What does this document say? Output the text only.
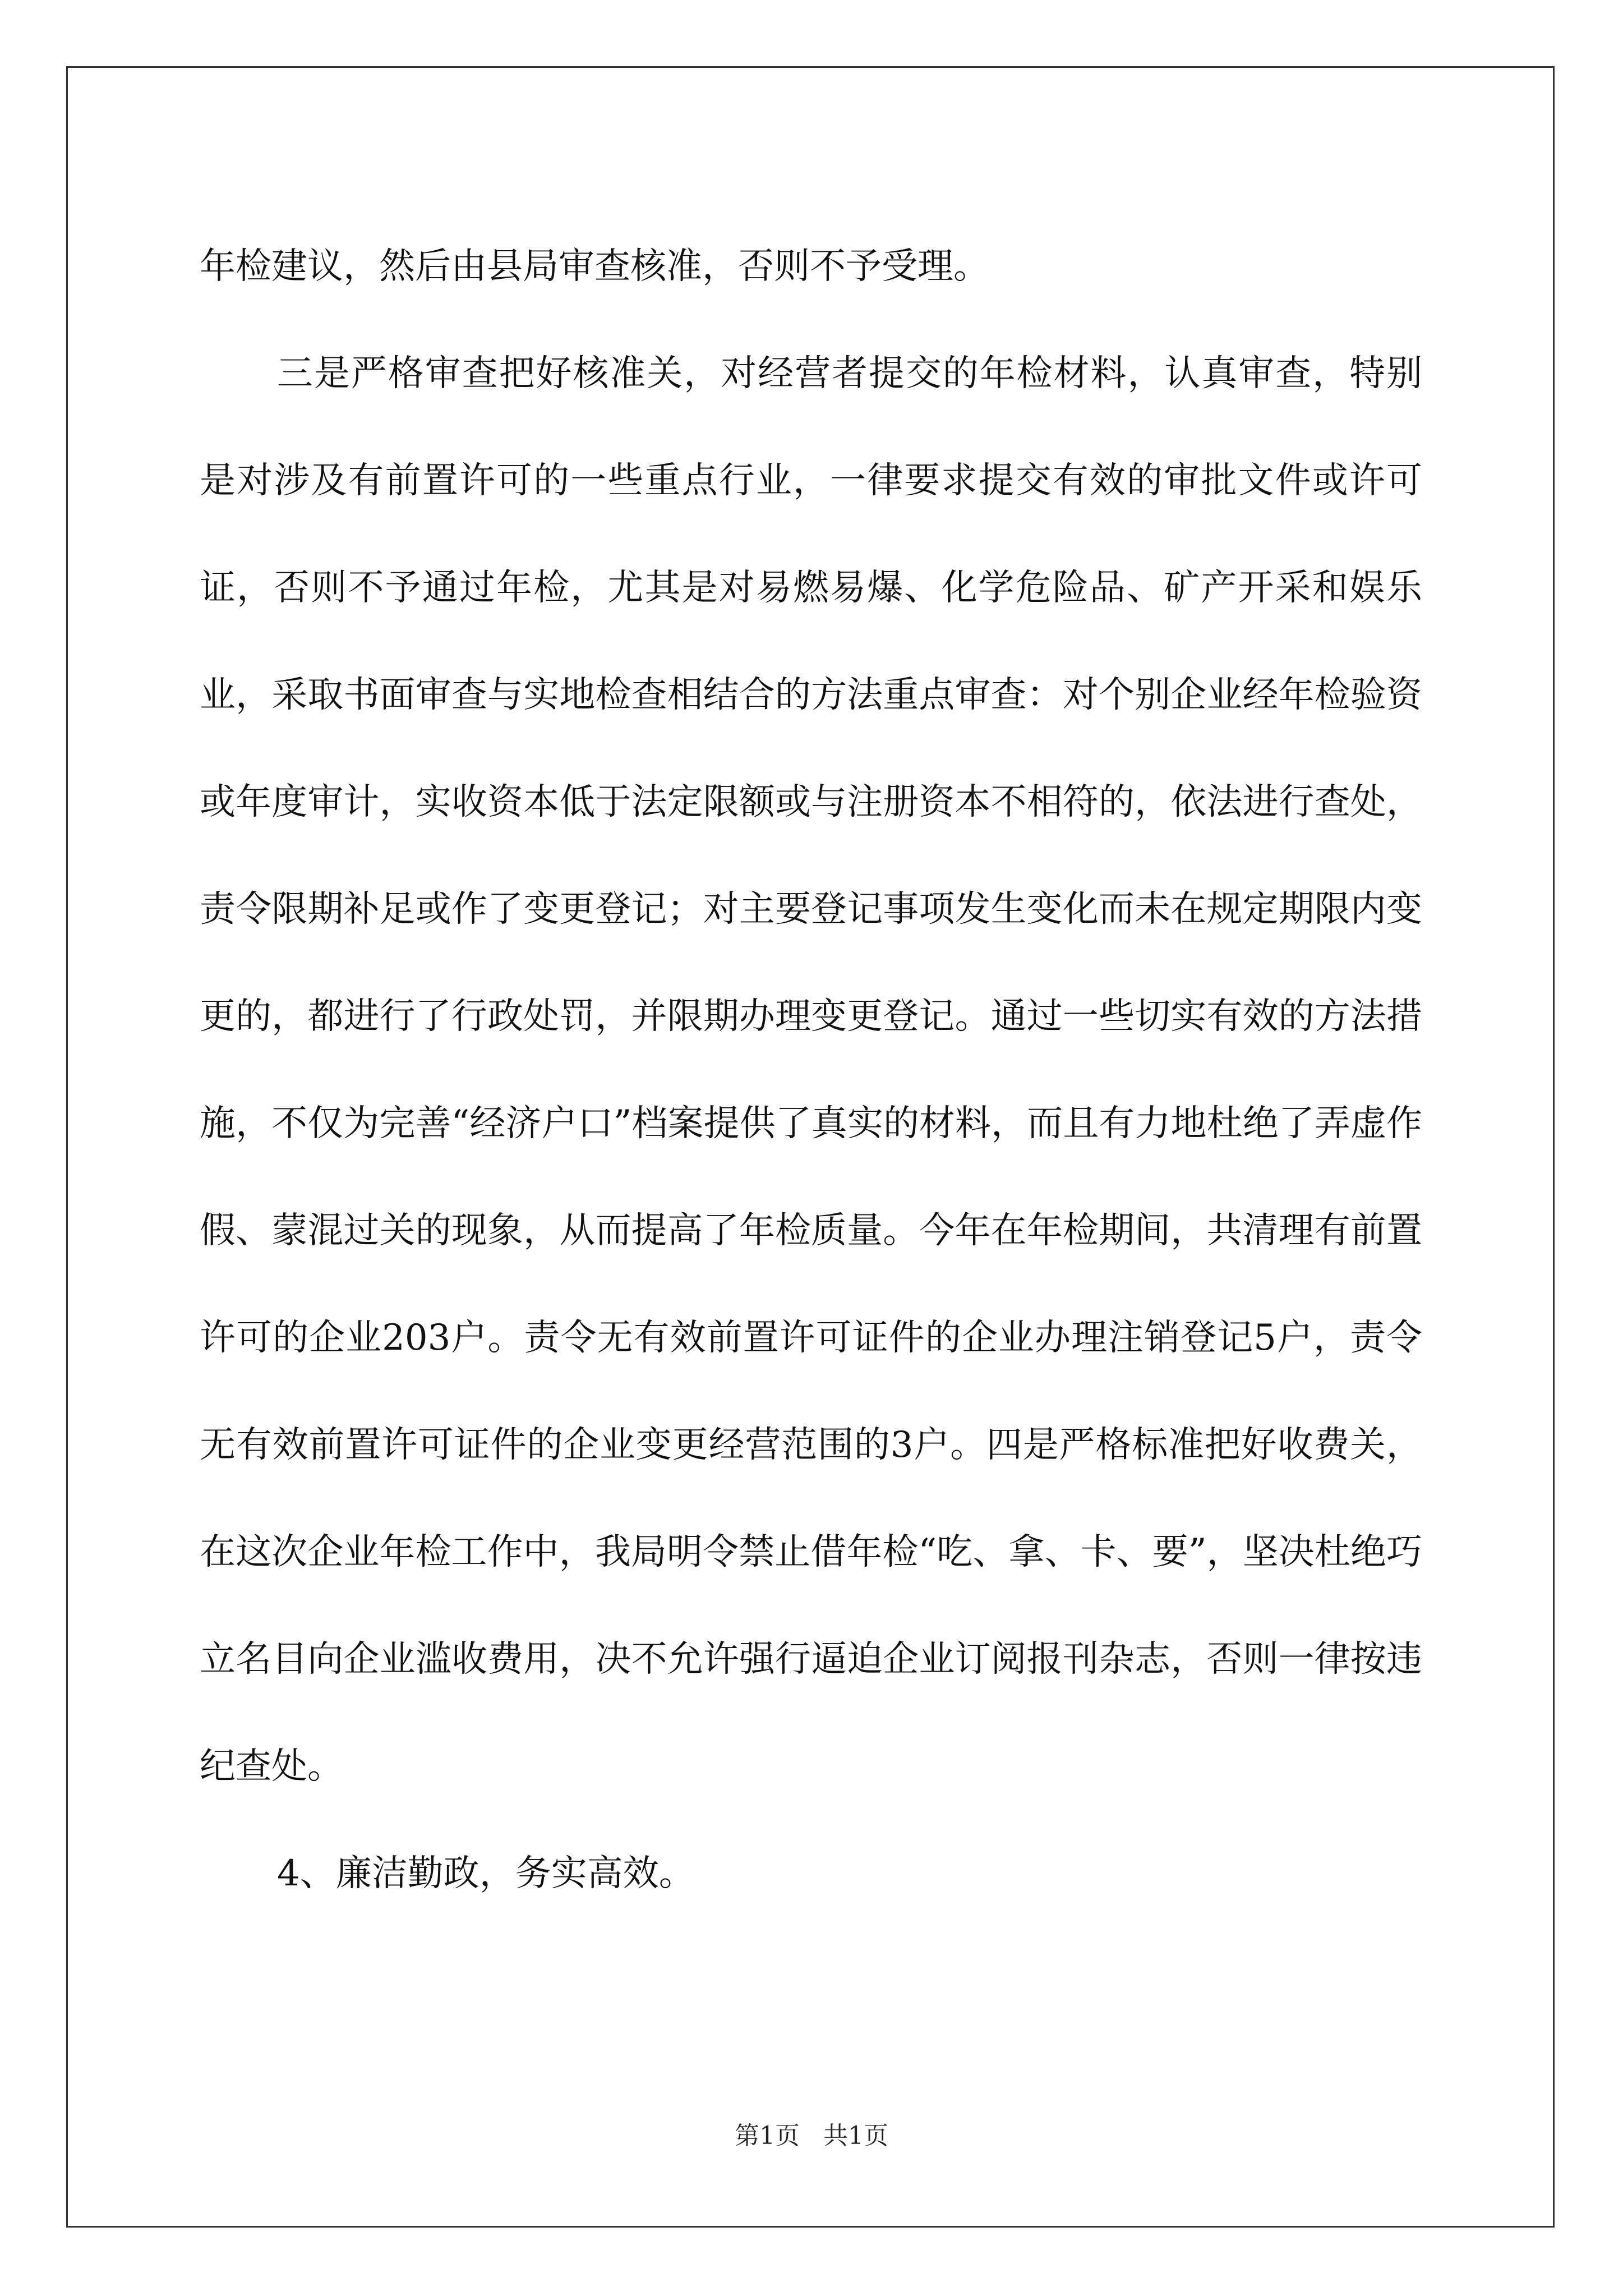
年检建议，然后由县局审查核准，否则不予受理。

三是严格审查把好核准关，对经营者提交的年检材料，认真审查，特别是对涉及有前置许可的一些重点行业，一律要求提交有效的审批文件或许可证，否则不予通过年检，尤其是对易燃易爆、化学危险品、矿产开采和娱乐业，采取书面审查与实地检查相结合的方法重点审查：对个别企业经年检验资或年度审计，实收资本低于法定限额或与注册资本不相符的，依法进行查处，责令限期补足或作了变更登记；对主要登记事项发生变化而未在规定期限内变更的，都进行了行政处罚，并限期办理变更登记。通过一些切实有效的方法措施，不仅为完善“经济户口”档案提供了真实的材料，而且有力地杜绝了弄虚作假、蒙混过关的现象，从而提高了年检质量。今年在年检期间，共清理有前置许可的企业203户。责令无有效前置许可证件的企业办理注销登记5户，责令无有效前置许可证件的企业变更经营范围的3户。四是严格标准把好收费关，在这次企业年检工作中，我局明令禁止借年检“吃、拿、卡、要”，坚决杜绝巧立名目向企业滥收费用，决不允许强行逼迫企业订阅报刊杂志，否则一律按违纪查处。

4、廉洁勤政，务实高效。

第1页   共1页
